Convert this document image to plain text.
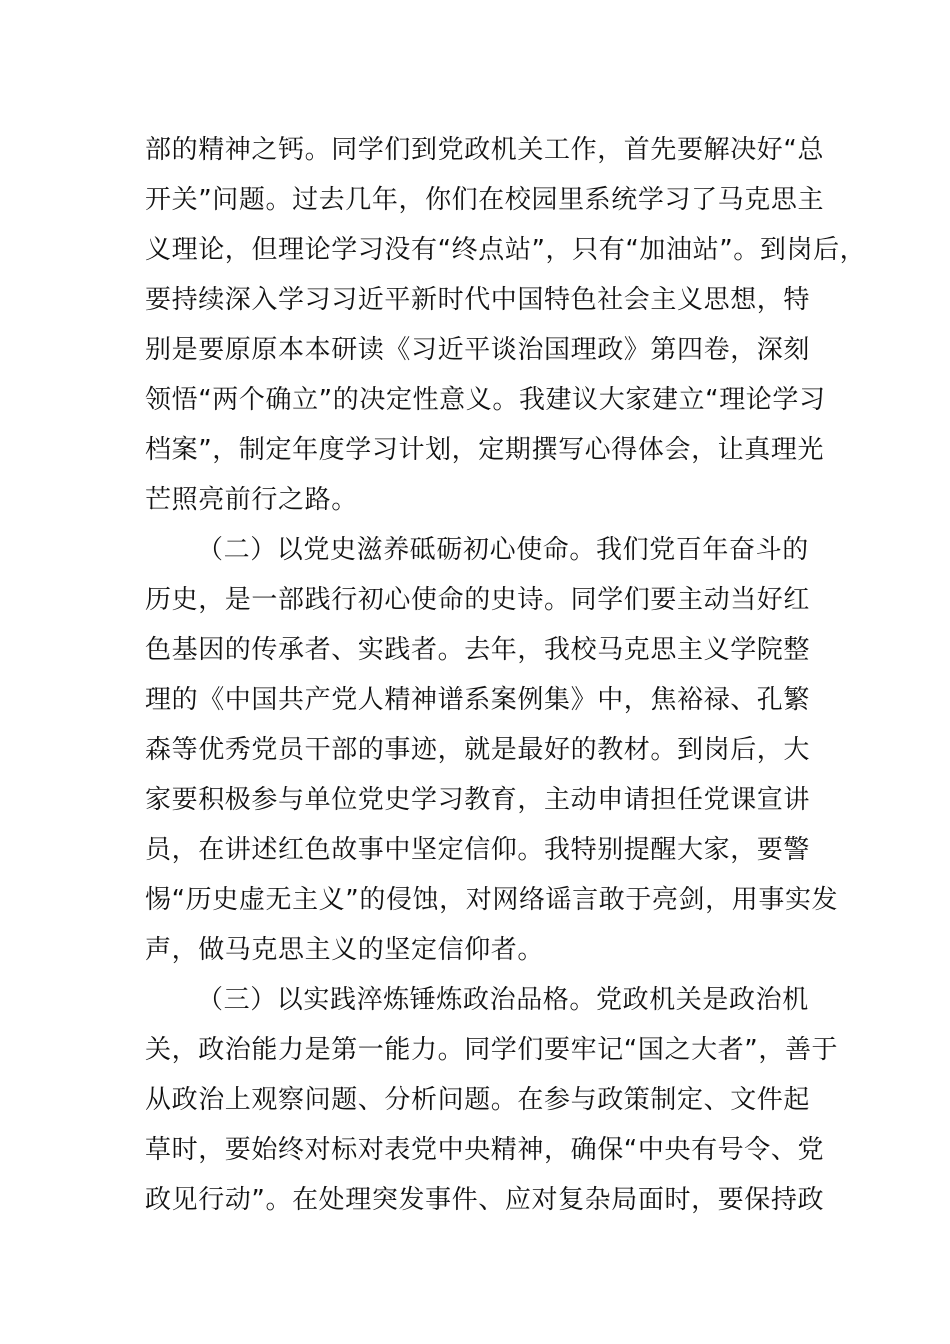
部的精神之钙。同学们到党政机关工作，首先要解决好“总
开关”问题。过去几年，你们在校园里系统学习了马克思主
义理论，但理论学习没有“终点站”，只有“加油站”。到岗后，
要持续深入学习习近平新时代中国特色社会主义思想，特
别是要原原本本研读《习近平谈治国理政》第四卷，深刻
领悟“两个确立”的决定性意义。我建议大家建立“理论学习
档案”，制定年度学习计划，定期撰写心得体会，让真理光
芒照亮前行之路。
（二）以党史滋养砥砺初心使命。我们党百年奋斗的
历史，是一部践行初心使命的史诗。同学们要主动当好红
色基因的传承者、实践者。去年，我校马克思主义学院整
理的《中国共产党人精神谱系案例集》中，焦裕禄、孔繁
森等优秀党员干部的事迹，就是最好的教材。到岗后，大
家要积极参与单位党史学习教育，主动申请担任党课宣讲
员，在讲述红色故事中坚定信仰。我特别提醒大家，要警
惕“历史虚无主义”的侵蚀，对网络谣言敢于亮剑，用事实发
声，做马克思主义的坚定信仰者。
（三）以实践淬炼锤炼政治品格。党政机关是政治机
关，政治能力是第一能力。同学们要牢记“国之大者”，善于
从政治上观察问题、分析问题。在参与政策制定、文件起
草时，要始终对标对表党中央精神，确保“中央有号令、党
政见行动”。在处理突发事件、应对复杂局面时，要保持政
